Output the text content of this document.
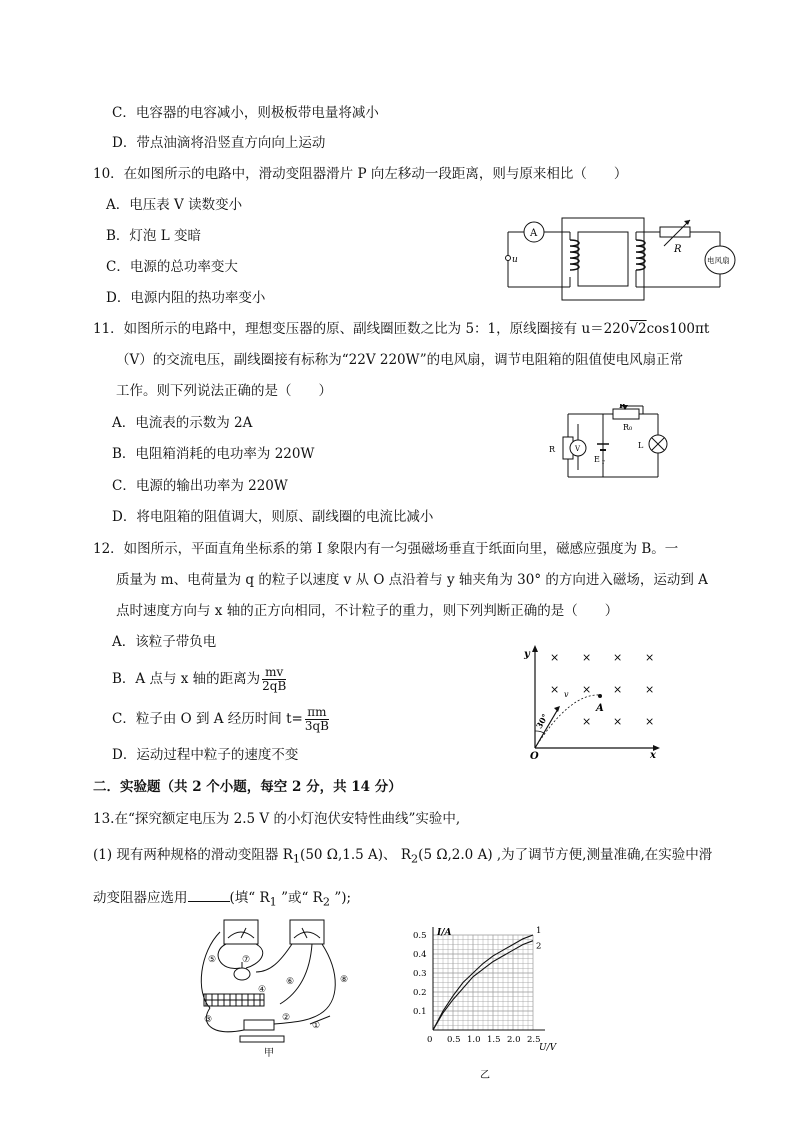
C．电容器的电容减小，则极板带电量将减小
D．带点油滴将沿竖直方向向上运动
10．在如图所示的电路中，滑动变阻器滑片 P 向左移动一段距离，则与原来相比（　　）
A．电压表 V 读数变小
B．灯泡 L 变暗
C．电源的总功率变大
D．电源内阻的热功率变小
A
u
R
电风扇
11．如图所示的电路中，理想变压器的原、副线圈匝数之比为 5：1，原线圈接有 u＝220√2cos100πt
（V）的交流电压，副线圈接有标称为“22V 220W”的电风扇，调节电阻箱的阻值使电风扇正常
工作。则下列说法正确的是（　　）
A．电流表的示数为 2A
B．电阻箱消耗的电功率为 220W
C．电源的输出功率为 220W
D．将电阻箱的阻值调大，则原、副线圈的电流比减小
P
R₀
R	V
E r
L
12．如图所示，平面直角坐标系的第 I 象限内有一匀强磁场垂直于纸面向里，磁感应强度为 B。一
质量为 m、电荷量为 q 的粒子以速度 v 从 O 点沿着与 y 轴夹角为 30° 的方向进入磁场，运动到 A
点时速度方向与 x 轴的正方向相同，不计粒子的重力，则下列判断正确的是（　　）
A．该粒子带负电
B．A 点与 x 轴的距离为 $\frac{mv}{2qB}$
C．粒子由 O 到 A 经历时间 $t= \frac{\pi m}{3qB}$
D．运动过程中粒子的速度不变
y
x
O
A
v
30°
× × × ×
× × × ×
× × ×
二．实验题（共 2 个小题，每空 2 分，共 14 分）
13.在“探究额定电压为 2.5 V 的小灯泡伏安特性曲线”实验中,
(1) 现有两种规格的滑动变阻器 $R_1(50$ Ω,1.5 A)、 $R_2(5$ Ω,2.0 A) ,为了调节方便,测量准确,在实验中滑
动变阻器应选用	(填“ $R_1$ ”或“ $R_2$ ”);
⑤	⑦
⑥	⑧
④
③	②
①
甲	U/V
I/A
0 0.5 1.0 1.5 2.0 2.5
0.1
0.2
0.3
0.4
0.5	1
2
乙
